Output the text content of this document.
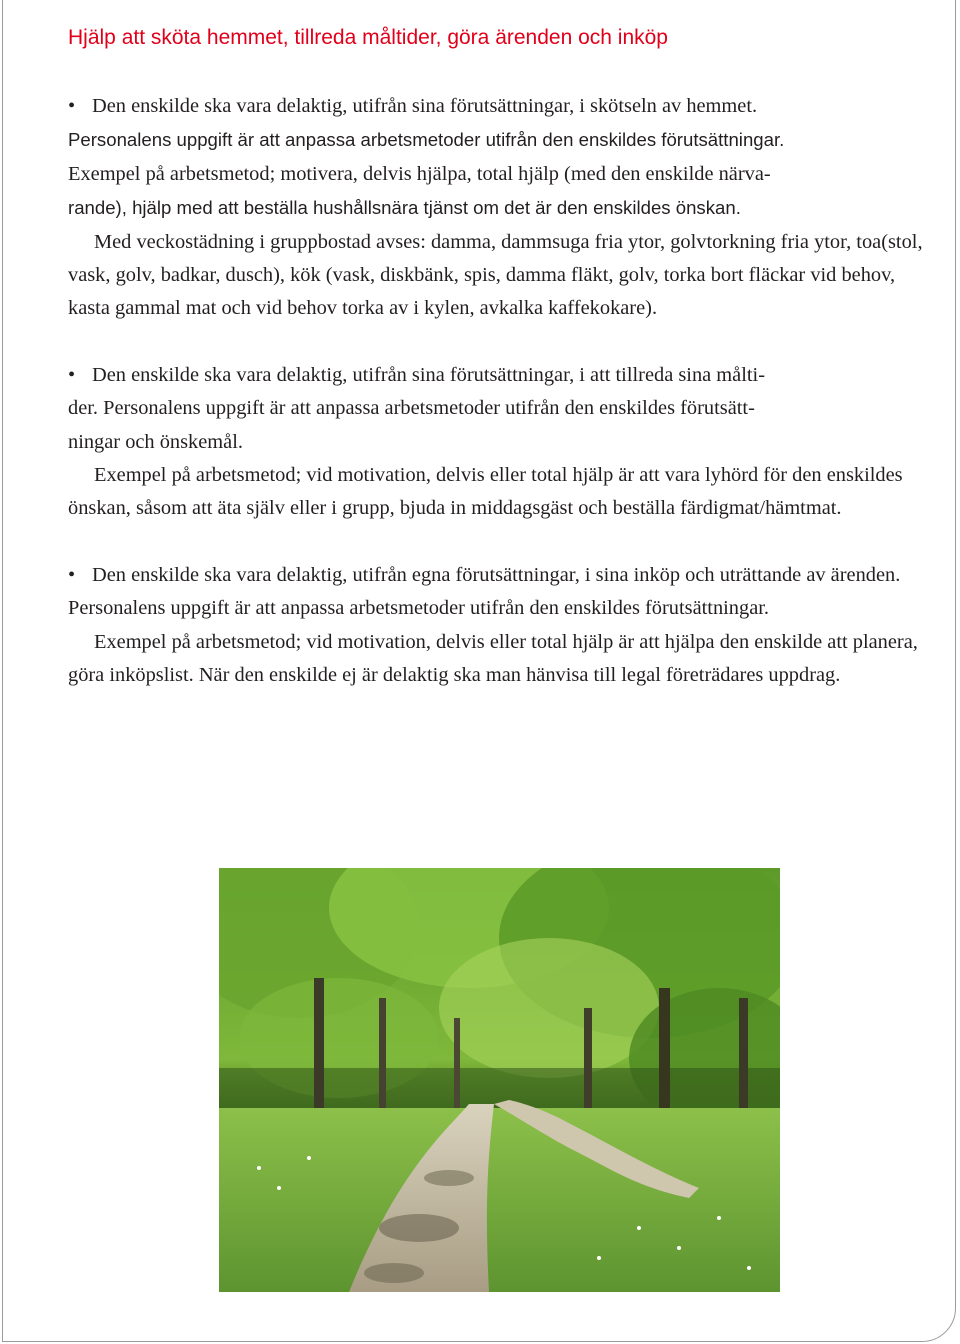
Hjälp att sköta hemmet, tillreda måltider, göra ärenden och inköp

• Den enskilde ska vara delaktig, utifrån sina förutsättningar, i skötseln av hemmet.
Personalens uppgift är att anpassa arbetsmetoder utifrån den enskildes förutsättningar.
Exempel på arbetsmetod; motivera, delvis hjälpa, total hjälp (med den enskilde närva-
rande), hjälp med att beställa hushållsnära tjänst om det är den enskildes önskan.

Med veckostädning i gruppbostad avses: damma, dammsuga fria ytor, golvtorkning fria ytor, toa(stol, vask, golv, badkar, dusch), kök (vask, diskbänk, spis, damma fläkt, golv, torka bort fläckar vid behov, kasta gammal mat och vid behov torka av i kylen, avkalka kaffekokare).

• Den enskilde ska vara delaktig, utifrån sina förutsättningar, i att tillreda sina målti-
der. Personalens uppgift är att anpassa arbetsmetoder utifrån den enskildes förutsätt-
ningar och önskemål.

Exempel på arbetsmetod; vid motivation, delvis eller total hjälp är att vara lyhörd för den enskildes önskan, såsom att äta själv eller i grupp, bjuda in middagsgäst och beställa färdigmat/hämtmat.

• Den enskilde ska vara delaktig, utifrån egna förutsättningar, i sina inköp och uträttande av ärenden. Personalens uppgift är att anpassa arbetsmetoder utifrån den enskildes förutsättningar.

Exempel på arbetsmetod; vid motivation, delvis eller total hjälp är att hjälpa den enskilde att planera, göra inköpslist. När den enskilde ej är delaktig ska man hänvisa till legal företrädares uppdrag.
